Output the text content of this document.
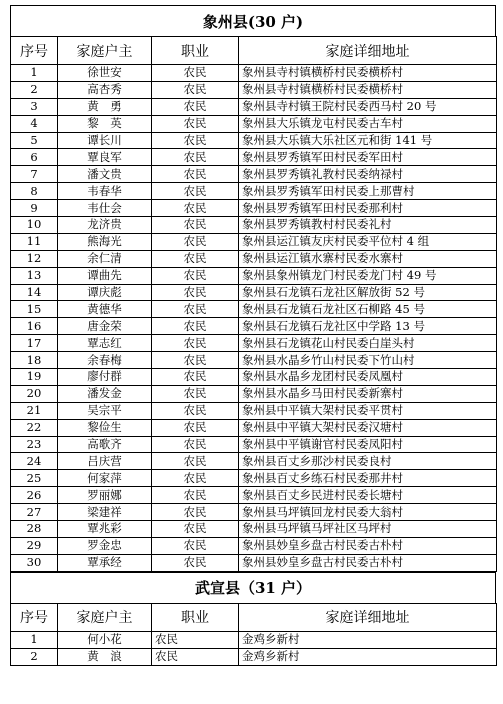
象州县(30 户)
序号	家庭户主	职业	家庭详细地址
1	徐世安	农民	象州县寺村镇横桥村民委横桥村
2	高杏秀	农民	象州县寺村镇横桥村民委横桥村
3	黄　勇	农民	象州县寺村镇王院村民委西马村 20 号
4	黎　英	农民	象州县大乐镇龙屯村民委古车村
5	谭长川	农民	象州县大乐镇大乐社区元和街 141 号
6	覃良军	农民	象州县罗秀镇军田村民委军田村
7	潘文贵	农民	象州县罗秀镇礼教村民委纳禄村
8	韦春华	农民	象州县罗秀镇军田村民委上那曹村
9	韦仕会	农民	象州县罗秀镇军田村民委那利村
10	龙济贵	农民	象州县罗秀镇教村村民委礼村
11	熊海光	农民	象州县运江镇友庆村民委平位村 4 组
12	余仁清	农民	象州县运江镇水寨村民委水寨村
13	谭曲先	农民	象州县象州镇龙门村民委龙门村 49 号
14	谭庆彪	农民	象州县石龙镇石龙社区解放街 52 号
15	黄德华	农民	象州县石龙镇石龙社区石柳路 45 号
16	唐金荣	农民	象州县石龙镇石龙社区中学路 13 号
17	覃志红	农民	象州县石龙镇花山村民委白崖头村
18	余春梅	农民	象州县水晶乡竹山村民委下竹山村
19	廖付群	农民	象州县水晶乡龙团村民委凤凰村
20	潘发金	农民	象州县水晶乡马田村民委新寨村
21	吴宗平	农民	象州县中平镇大架村民委平贯村
22	黎俭生	农民	象州县中平镇大架村民委汉塘村
23	高歌齐	农民	象州县中平镇谢官村民委凤阳村
24	吕庆营	农民	象州县百丈乡那沙村民委良村
25	何家萍	农民	象州县百丈乡练石村民委那井村
26	罗丽娜	农民	象州县百丈乡民进村民委长塘村
27	梁建祥	农民	象州县马坪镇回龙村民委大翁村
28	覃兆彩	农民	象州县马坪镇马坪社区马坪村
29	罗金忠	农民	象州县妙皇乡盘古村民委古朴村
30	覃承经	农民	象州县妙皇乡盘古村民委古朴村
武宣县（31 户）
序号	家庭户主	职业	家庭详细地址
1	何小花	农民	金鸡乡新村
2	黄　浪	农民	金鸡乡新村
